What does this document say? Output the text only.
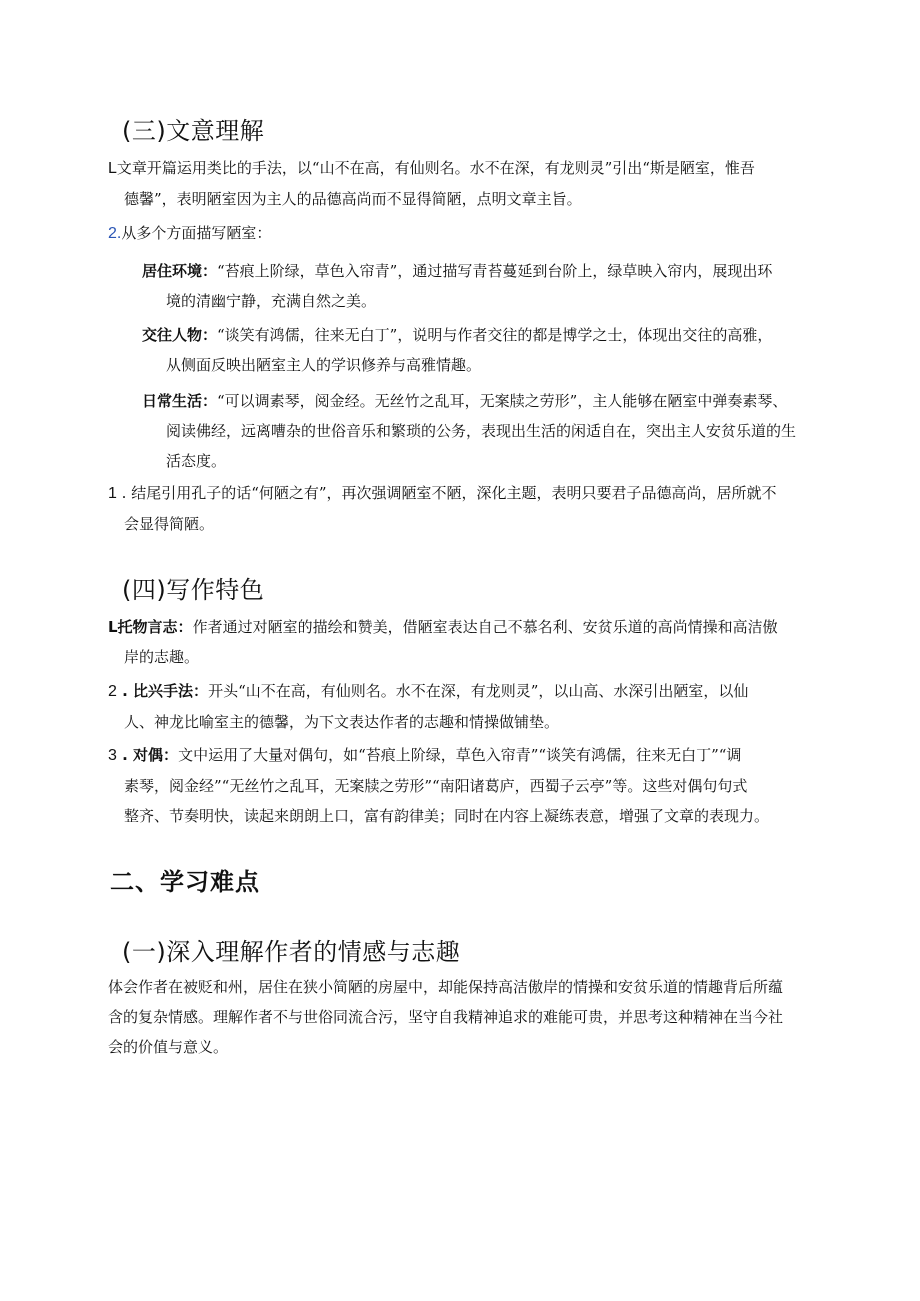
(三)文意理解

L文章开篇运用类比的手法，以“山不在高，有仙则名。水不在深，有龙则灵”引出“斯是陋室，惟吾
德馨”，表明陋室因为主人的品德高尚而不显得简陋，点明文章主旨。

2.从多个方面描写陋室：

居住环境：“苔痕上阶绿，草色入帘青”，通过描写青苔蔓延到台阶上，绿草映入帘内，展现出环
境的清幽宁静，充满自然之美。

交往人物：“谈笑有鸿儒，往来无白丁”，说明与作者交往的都是博学之士，体现出交往的高雅，
从侧面反映出陋室主人的学识修养与高雅情趣。

日常生活：“可以调素琴，阅金经。无丝竹之乱耳，无案牍之劳形”，主人能够在陋室中弹奏素琴、
阅读佛经，远离嘈杂的世俗音乐和繁琐的公务，表现出生活的闲适自在，突出主人安贫乐道的生
活态度。

1 . 结尾引用孔子的话“何陋之有”，再次强调陋室不陋，深化主题，表明只要君子品德高尚，居所就不
会显得简陋。

(四)写作特色

L托物言志：作者通过对陋室的描绘和赞美，借陋室表达自己不慕名利、安贫乐道的高尚情操和高洁傲
岸的志趣。

2 . 比兴手法：开头“山不在高，有仙则名。水不在深，有龙则灵”，以山高、水深引出陋室，以仙
人、神龙比喻室主的德馨，为下文表达作者的志趣和情操做铺垫。

3 . 对偶：文中运用了大量对偶句，如“苔痕上阶绿，草色入帘青”“谈笑有鸿儒，往来无白丁”“调
素琴，阅金经”“无丝竹之乱耳，无案牍之劳形”“南阳诸葛庐，西蜀子云亭”等。这些对偶句句式
整齐、节奏明快，读起来朗朗上口，富有韵律美；同时在内容上凝练表意，增强了文章的表现力。

二、学习难点
(一)深入理解作者的情感与志趣
体会作者在被贬和州，居住在狭小简陋的房屋中，却能保持高洁傲岸的情操和安贫乐道的情趣背后所蕴
含的复杂情感。理解作者不与世俗同流合污，坚守自我精神追求的难能可贵，并思考这种精神在当今社
会的价值与意义。
